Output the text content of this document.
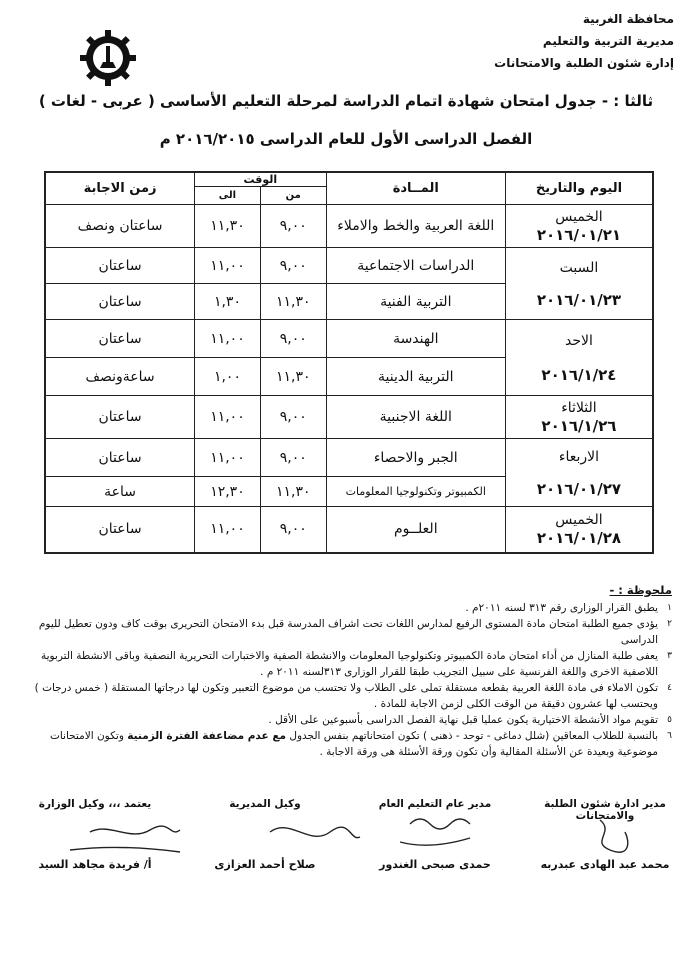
محافظة الغربية
مديرية التربية والتعليم
إدارة شئون الطلبة والامتحانات
ثالثا : - جدول امتحان شهادة اتمام الدراسة لمرحلة التعليم الأساسى ( عربى - لغات )
الفصل الدراسى الأول للعام الدراسى ٢٠١٦/٢٠١٥ م
اليوم والتاريخ	المــادة	الوقت		زمن الاجابة
		من	الى	

الخميس
٢٠١٦/٠١/٢١	اللغة العربية والخط والاملاء	٩,٠٠	١١,٣٠	ساعتان ونصف

السبت
٢٠١٦/٠١/٢٣	الدراسات الاجتماعية	٩,٠٠	١١,٠٠	ساعتان
	التربية الفنية	١١,٣٠	١,٣٠	ساعتان

الاحد
٢٠١٦/١/٢٤	الهندسة	٩,٠٠	١١,٠٠	ساعتان
	التربية الدينية	١١,٣٠	١,٠٠	ساعةونصف

الثلاثاء
٢٠١٦/١/٢٦	اللغة الاجنبية	٩,٠٠	١١,٠٠	ساعتان

الاربعاء
٢٠١٦/٠١/٢٧	الجبر والاحصاء	٩,٠٠	١١,٠٠	ساعتان
	الكمبيوتر وتكنولوجيا المعلومات	١١,٣٠	١٢,٣٠	ساعة

الخميس
٢٠١٦/٠١/٢٨	العلــوم	٩,٠٠	١١,٠٠	ساعتان
ملحوظة : -
١
يطبق القرار الوزارى رقم ٣١٣ لسنه ٢٠١١م .
٢
يؤدى جميع الطلبة امتحان مادة المستوى الرفيع لمدارس اللغات تحت اشراف المدرسة قبل بدء الامتحان التحريرى بوقت كاف ودون تعطيل لليوم الدراسى
٣
يعفى طلبة المنازل من أداء امتحان مادة الكمبيوتر وتكنولوجيا المعلومات والانشطة الصفية والاختبارات التحريرية النصفية وباقى الانشطة التربوية اللاصفية الاخرى واللغة الفرنسية على سبيل التجريب طبقا للقرار الوزارى ٣١٣لسنه ٢٠١١ م .
٤
تكون الاملاء فى مادة اللغة العربية بقطعه مستقلة تملى على الطلاب ولا تحتسب من موضوع التعبير وتكون لها درجاتها المستقلة ( خمس درجات ) ويحتسب لها عشرون دقيقة من الوقت الكلى لزمن الاجابة للمادة .
٥
تقويم مواد الأنشطة الاختيارية يكون عمليا قبل نهاية الفصل الدراسى بأسبوعين على الأقل .
٦
بالنسبة للطلاب المعاقين (شلل دماغى - توحد - ذهنى ) تكون امتحاناتهم بنفس الجدول مع عدم مضاعفة الفترة الزمنية وتكون الامتحانات موضوعية وبعيدة عن الأسئلة المقالية وأن تكون ورقة الأسئلة هى ورقة الاجابة .
مدير ادارة شئون الطلبة والامتحانات
مدير عام التعليم العام
وكيل المديرية
يعتمد ،،، وكيل الوزارة
محمد عبد الهادى عبدربه
حمدى صبحى الغندور
صلاح أحمد العزازى
أ/ فريدة مجاهد السيد
